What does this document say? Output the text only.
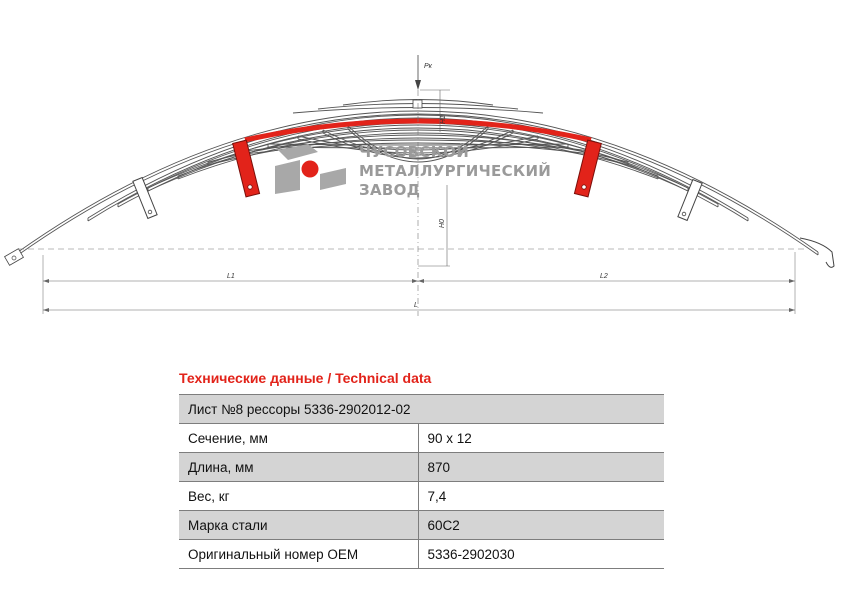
Pк
H1
H0
L1	L2
L
ЧУСОВСКОЙ
МЕТАЛЛУРГИЧЕСКИЙ
ЗАВОД
Технические данные / Technical data
Лист №8 рессоры 5336-2902012-02	
Сечение, мм	90 x 12
Длина, мм	870
Вес, кг	7,4
Марка стали	60С2
Оригинальный номер OEM	5336-2902030
